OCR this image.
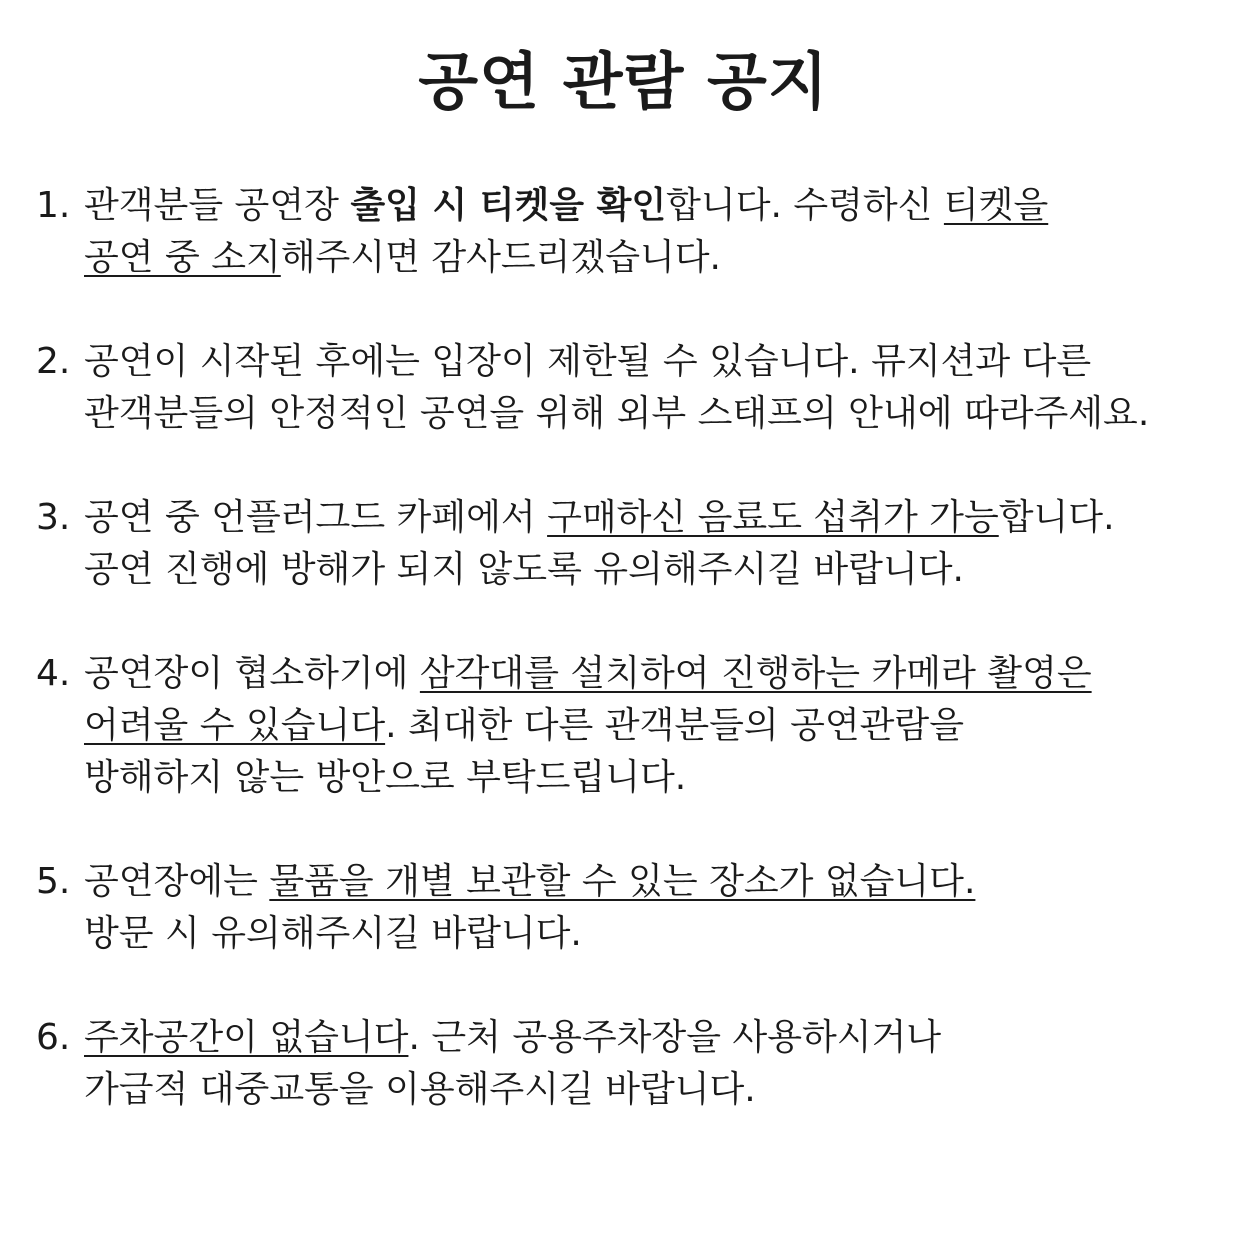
공연 관람 공지
1. 관객분들 공연장 출입 시 티켓을 확인합니다. 수령하신 티켓을
공연 중 소지해주시면 감사드리겠습니다.
2. 공연이 시작된 후에는 입장이 제한될 수 있습니다. 뮤지션과 다른
관객분들의 안정적인 공연을 위해 외부 스태프의 안내에 따라주세요.
3. 공연 중 언플러그드 카페에서 구매하신 음료도 섭취가 가능합니다.
공연 진행에 방해가 되지 않도록 유의해주시길 바랍니다.
4. 공연장이 협소하기에 삼각대를 설치하여 진행하는 카메라 촬영은
어려울 수 있습니다. 최대한 다른 관객분들의 공연관람을
방해하지 않는 방안으로 부탁드립니다.
5. 공연장에는 물품을 개별 보관할 수 있는 장소가 없습니다.
방문 시 유의해주시길 바랍니다.
6. 주차공간이 없습니다. 근처 공용주차장을 사용하시거나
가급적 대중교통을 이용해주시길 바랍니다.
